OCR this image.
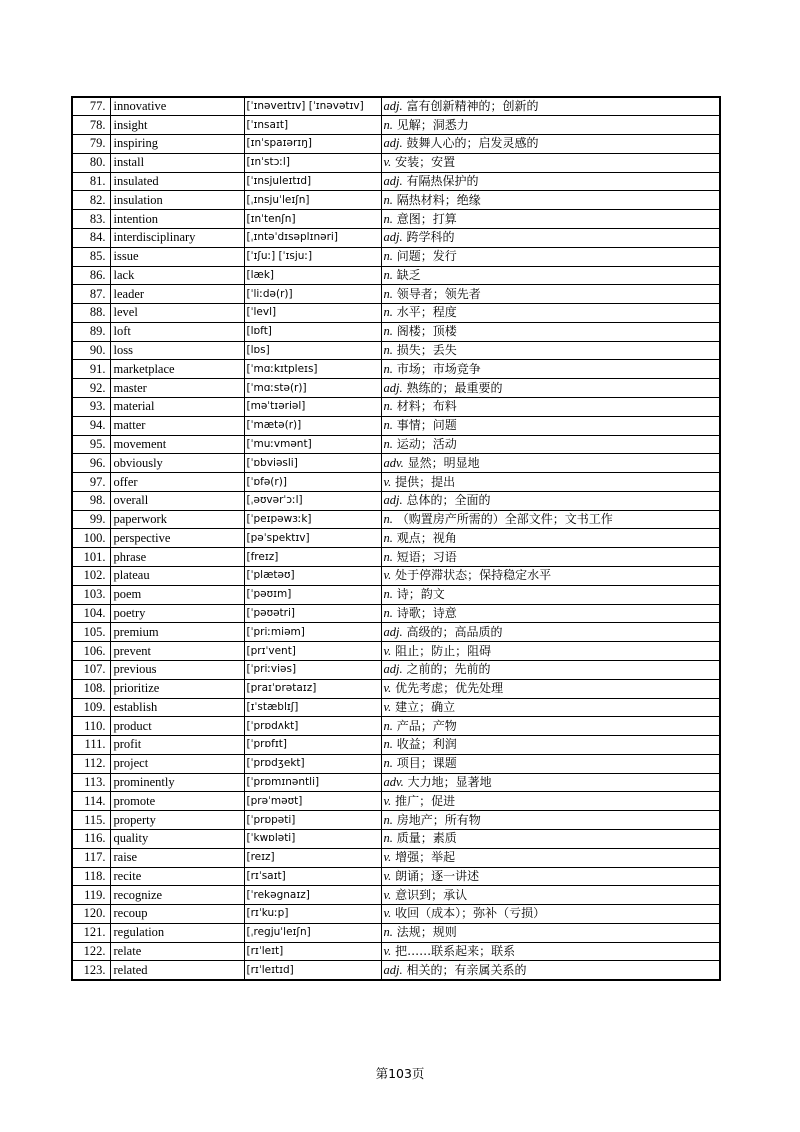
77.	innovative	[ˈɪnəveɪtɪv] [ˈɪnəvətɪv]	adj. 富有创新精神的；创新的
78.	insight	[ˈɪnsaɪt]	n. 见解；洞悉力
79.	inspiring	[ɪnˈspaɪərɪŋ]	adj. 鼓舞人心的；启发灵感的
80.	install	[ɪnˈstɔːl]	v. 安装；安置
81.	insulated	[ˈɪnsjuleɪtɪd]	adj. 有隔热保护的
82.	insulation	[ˌɪnsjuˈleɪʃn]	n. 隔热材料；绝缘
83.	intention	[ɪnˈtenʃn]	n. 意图；打算
84.	interdisciplinary	[ˌɪntəˈdɪsəplɪnəri]	adj. 跨学科的
85.	issue	[ˈɪʃuː] [ˈɪsjuː]	n. 问题；发行
86.	lack	[læk]	n. 缺乏
87.	leader	[ˈliːdə(r)]	n. 领导者；领先者
88.	level	[ˈlevl]	n. 水平；程度
89.	loft	[lɒft]	n. 阁楼；顶楼
90.	loss	[lɒs]	n. 损失；丢失
91.	marketplace	[ˈmɑːkɪtpleɪs]	n. 市场；市场竞争
92.	master	[ˈmɑːstə(r)]	adj. 熟练的；最重要的
93.	material	[məˈtɪəriəl]	n. 材料；布料
94.	matter	[ˈmætə(r)]	n. 事情；问题
95.	movement	[ˈmuːvmənt]	n. 运动；活动
96.	obviously	[ˈɒbviəsli]	adv. 显然；明显地
97.	offer	[ˈɒfə(r)]	v. 提供；提出
98.	overall	[ˌəʊvərˈɔːl]	adj. 总体的；全面的
99.	paperwork	[ˈpeɪpəwɜːk]	n. （购置房产所需的）全部文件；文书工作
100.	perspective	[pəˈspektɪv]	n. 观点；视角
101.	phrase	[freɪz]	n. 短语；习语
102.	plateau	[ˈplætəʊ]	v. 处于停滞状态；保持稳定水平
103.	poem	[ˈpəʊɪm]	n. 诗；韵文
104.	poetry	[ˈpəʊətri]	n. 诗歌；诗意
105.	premium	[ˈpriːmiəm]	adj. 高级的；高品质的
106.	prevent	[prɪˈvent]	v. 阻止；防止；阻碍
107.	previous	[ˈpriːviəs]	adj. 之前的；先前的
108.	prioritize	[praɪˈɒrətaɪz]	v. 优先考虑；优先处理
109.	establish	[ɪˈstæblɪʃ]	v. 建立；确立
110.	product	[ˈprɒdʌkt]	n. 产品；产物
111.	profit	[ˈprɒfɪt]	n. 收益；利润
112.	project	[ˈprɒdʒekt]	n. 项目；课题
113.	prominently	[ˈprɒmɪnəntli]	adv. 大力地；显著地
114.	promote	[prəˈməʊt]	v. 推广；促进
115.	property	[ˈprɒpəti]	n. 房地产；所有物
116.	quality	[ˈkwɒləti]	n. 质量；素质
117.	raise	[reɪz]	v. 增强；举起
118.	recite	[rɪˈsaɪt]	v. 朗诵；逐一讲述
119.	recognize	[ˈrekəgnaɪz]	v. 意识到；承认
120.	recoup	[rɪˈkuːp]	v. 收回（成本）；弥补（亏损）
121.	regulation	[ˌregjuˈleɪʃn]	n. 法规；规则
122.	relate	[rɪˈleɪt]	v. 把……联系起来；联系
123.	related	[rɪˈleɪtɪd]	adj. 相关的；有亲属关系的
第103页
